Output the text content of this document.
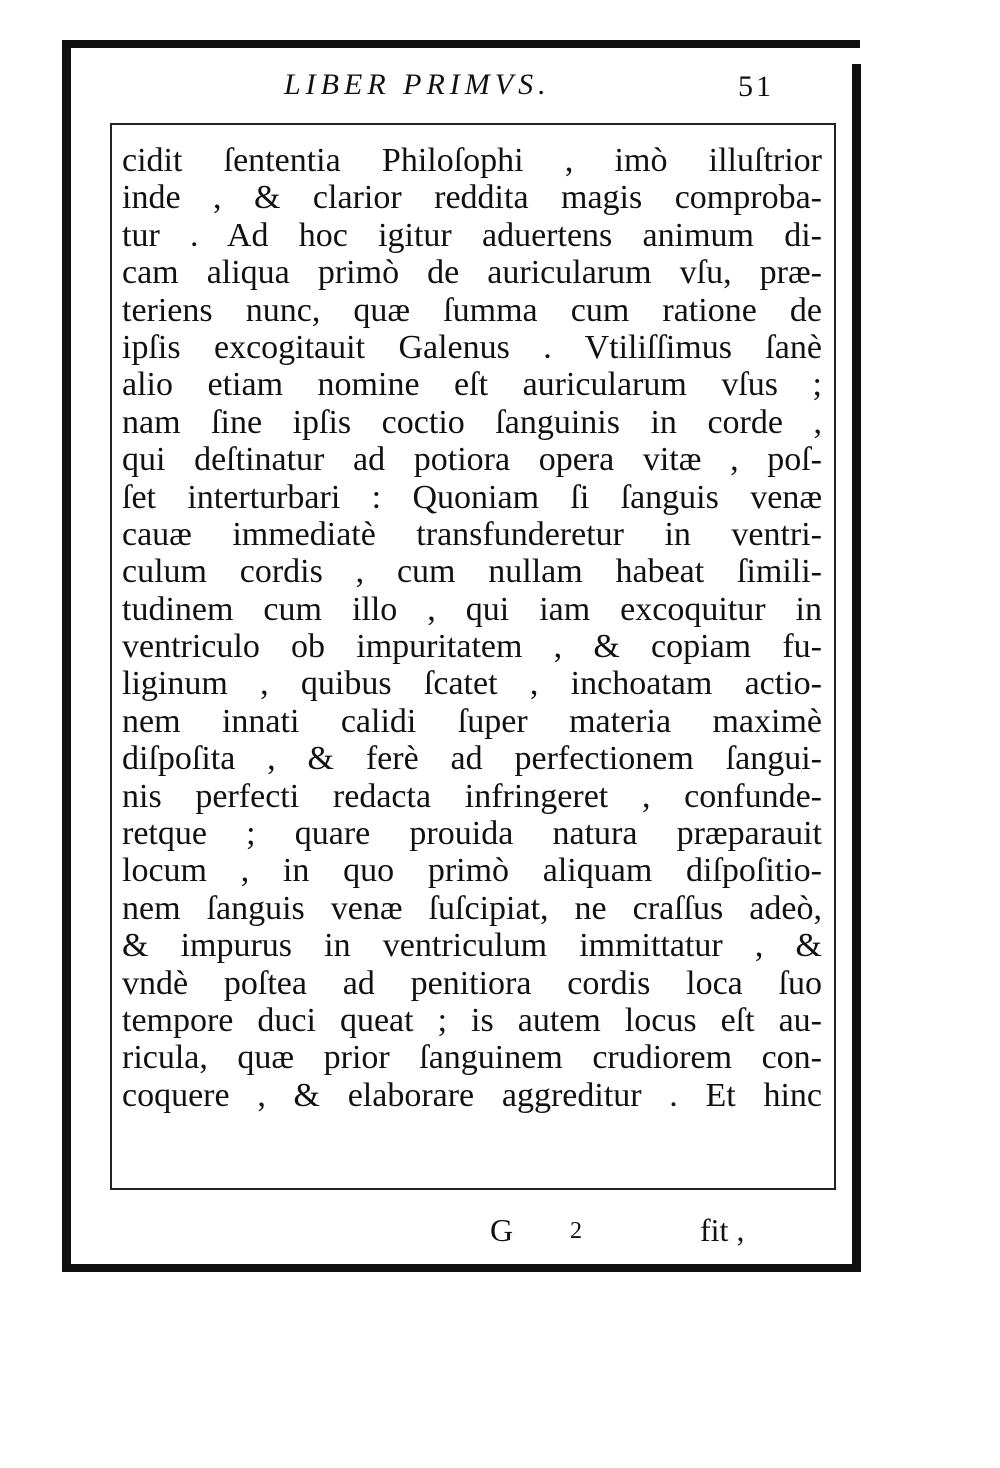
LIBER PRIMVS.	51
cidit ſententia Philoſophi , imò illuſtrior
inde , & clarior reddita magis comproba-
tur . Ad hoc igitur aduertens animum di-
cam aliqua primò de auricularum vſu, præ-
teriens nunc, quæ ſumma cum ratione de
ipſis excogitauit Galenus . Vtiliſſimus ſanè
alio etiam nomine eſt auricularum vſus ;
nam ſine ipſis coctio ſanguinis in corde ,
qui deſtinatur ad potiora opera vitæ , poſ-
ſet interturbari : Quoniam ſi ſanguis venæ
cauæ immediatè transfunderetur in ventri-
culum cordis , cum nullam habeat ſimili-
tudinem cum illo , qui iam excoquitur in
ventriculo ob impuritatem , & copiam fu-
liginum , quibus ſcatet , inchoatam actio-
nem innati calidi ſuper materia maximè
diſpoſita , & ferè ad perfectionem ſangui-
nis perfecti redacta infringeret , confunde-
retque ; quare prouida natura præparauit
locum , in quo primò aliquam diſpoſitio-
nem ſanguis venæ ſuſcipiat, ne craſſus adeò,
& impurus in ventriculum immittatur , &
vndè poſtea ad penitiora cordis loca ſuo
tempore duci queat ; is autem locus eſt au-
ricula, quæ prior ſanguinem crudiorem con-
coquere , & elaborare aggreditur . Et hinc
G 2	fit ,
